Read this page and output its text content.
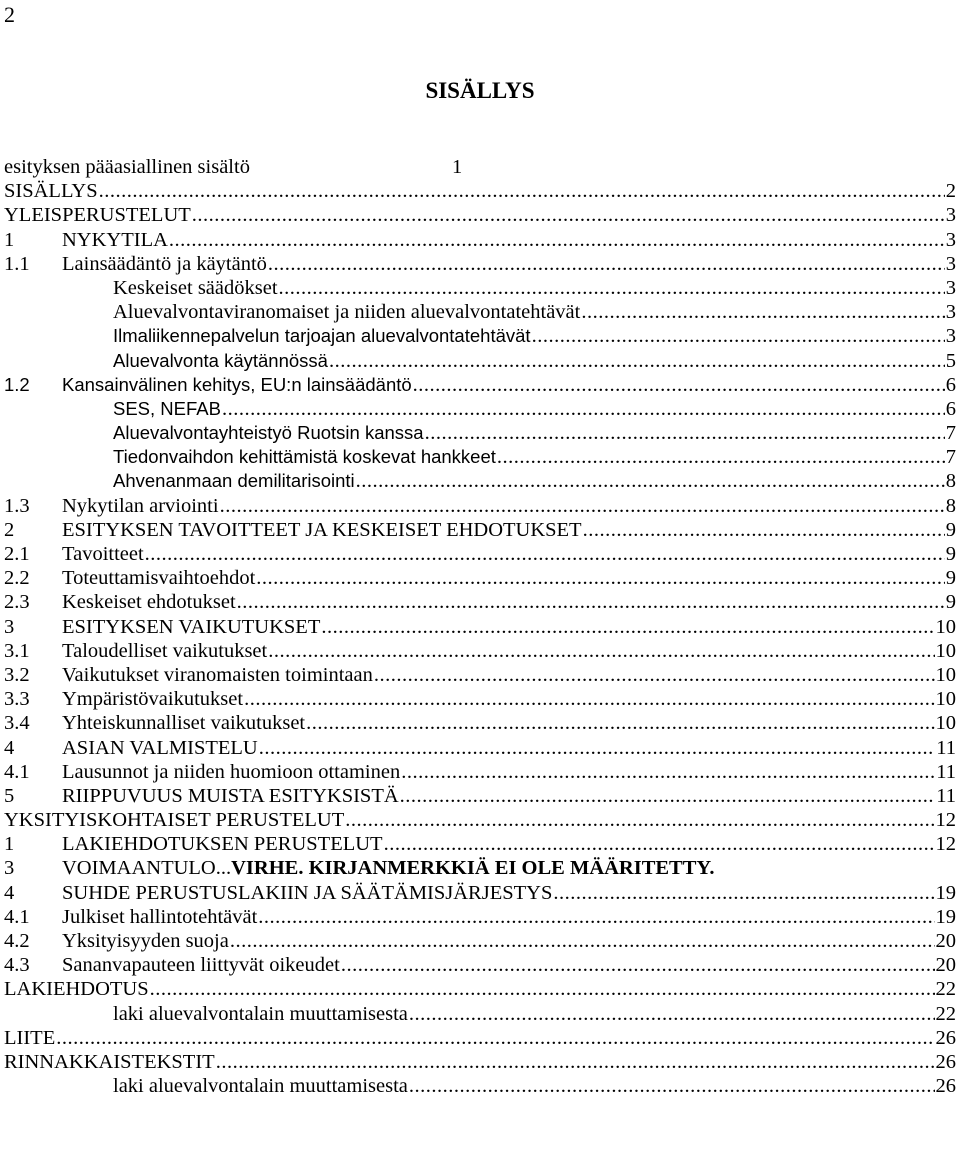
2
SISÄLLYS
esityksen pääasiallinen sisältö	1
SISÄLLYS .....	2
YLEISPERUSTELUT .....	3
1	NYKYTILA .....	3
1.1	Lainsäädäntö ja käytäntö .....	3
Keskeiset säädökset .....	3
Aluevalvontaviranomaiset ja niiden aluevalvontatehtävät .....	3
Ilmaliikennepalvelun tarjoajan aluevalvontatehtävät .....	3
Aluevalvonta käytännössä .....	5
1.2	Kansainvälinen kehitys, EU:n lainsäädäntö .....	6
SES, NEFAB .....	6
Aluevalvontayhteistyö Ruotsin kanssa .....	7
Tiedonvaihdon kehittämistä koskevat hankkeet .....	7
Ahvenanmaan demilitarisointi .....	8
1.3	Nykytilan arviointi .....	8
2	ESITYKSEN TAVOITTEET JA KESKEISET EHDOTUKSET .....	9
2.1	Tavoitteet .....	9
2.2	Toteuttamisvaihtoehdot .....	9
2.3	Keskeiset ehdotukset .....	9
3	ESITYKSEN VAIKUTUKSET .....	10
3.1	Taloudelliset vaikutukset .....	10
3.2	Vaikutukset viranomaisten toimintaan .....	10
3.3	Ympäristövaikutukset .....	10
3.4	Yhteiskunnalliset vaikutukset .....	10
4	ASIAN VALMISTELU .....	11
4.1	Lausunnot ja niiden huomioon ottaminen .....	11
5	RIIPPUVUUS MUISTA ESITYKSISTÄ .....	11
YKSITYISKOHTAISET PERUSTELUT .....	12
1	LAKIEHDOTUKSEN PERUSTELUT .....	12
3	VOIMAANTULO ... VIRHE. KIRJANMERKKIÄ EI OLE MÄÄRITETTY.
4	SUHDE PERUSTUSLAKIIN JA SÄÄTÄMISJÄRJESTYS .....	19
4.1	Julkiset hallintotehtävät .....	19
4.2	Yksityisyyden suoja .....	20
4.3	Sananvapauteen liittyvät oikeudet .....	20
LAKIEHDOTUS .....	22
laki aluevalvontalain muuttamisesta .....	22
LIITE .....	26
RINNAKKAISTEKSTIT .....	26
laki aluevalvontalain muuttamisesta .....	26
